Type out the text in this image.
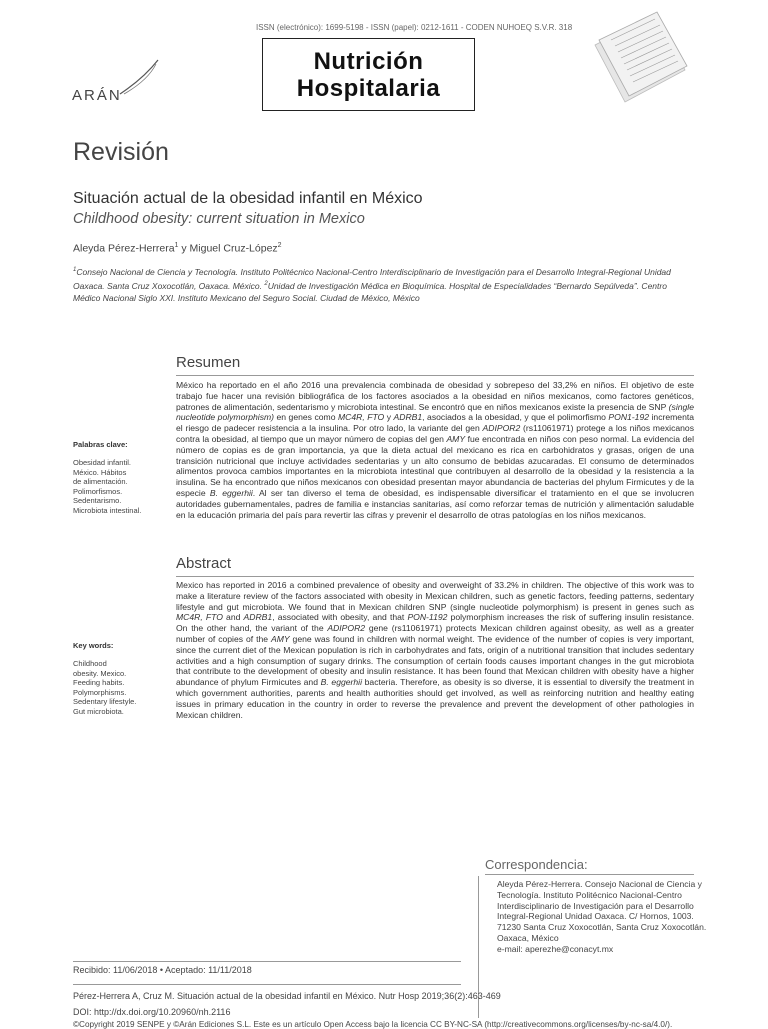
ISSN (electrónico): 1699-5198 - ISSN (papel): 0212-1611 - CODEN NUHOEQ S.V.R. 318
ARÁN
Nutrición
Hospitalaria
Revisión
Situación actual de la obesidad infantil en México
Childhood obesity: current situation in Mexico
Aleyda Pérez-Herrera$^1$ y Miguel Cruz-López$^2$
$^1$Consejo Nacional de Ciencia y Tecnología. Instituto Politécnico Nacional-Centro Interdisciplinario de Investigación para el Desarrollo Integral-Regional Unidad Oaxaca. Santa Cruz Xoxocotlán, Oaxaca. México. $^2$Unidad de Investigación Médica en Bioquímica. Hospital de Especialidades “Bernardo Sepúlveda”. Centro Médico Nacional Siglo XXI. Instituto Mexicano del Seguro Social. Ciudad de México, México
Resumen
Palabras clave:
Obesidad infantil.
México. Hábitos
de alimentación.
Polimorfismos.
Sedentarismo.
Microbiota intestinal.
México ha reportado en el año 2016 una prevalencia combinada de obesidad y sobrepeso del 33,2% en niños. El objetivo de este trabajo fue hacer una revisión bibliográfica de los factores asociados a la obesidad en niños mexicanos, como factores genéticos, patrones de alimentación, sedentarismo y microbiota intestinal. Se encontró que en niños mexicanos existe la presencia de SNP (single nucleotide polymorphism) en genes como MC4R, FTO y ADRB1, asociados a la obesidad, y que el polimorfismo PON1-192 incrementa el riesgo de padecer resistencia a la insulina. Por otro lado, la variante del gen ADIPOR2 (rs11061971) protege a los niños mexicanos contra la obesidad, al tiempo que un mayor número de copias del gen AMY fue encontrada en niños con peso normal. La evidencia del número de copias es de gran importancia, ya que la dieta actual del mexicano es rica en carbohidratos y grasas, origen de una transición nutricional que incluye actividades sedentarias y un alto consumo de bebidas azucaradas. El consumo de determinados alimentos provoca cambios importantes en la microbiota intestinal que contribuyen al desarrollo de la obesidad y la resistencia a la insulina. Se ha encontrado que niños mexicanos con obesidad presentan mayor abundancia de bacterias del phylum Firmicutes y de la especie B. eggerhii. Al ser tan diverso el tema de obesidad, es indispensable diversificar el tratamiento en el que se involucren autoridades gubernamentales, padres de familia e instancias sanitarias, así como reforzar temas de nutrición y alimentación saludable en la educación primaria del país para revertir las cifras y prevenir el desarrollo de otras patologías en los niños mexicanos.
Abstract
Key words:
Childhood
obesity. Mexico.
Feeding habits.
Polymorphisms.
Sedentary lifestyle.
Gut microbiota.
Mexico has reported in 2016 a combined prevalence of obesity and overweight of 33.2% in children. The objective of this work was to make a literature review of the factors associated with obesity in Mexican children, such as genetic factors, feeding patterns, sedentary lifestyle and gut microbiota. We found that in Mexican children SNP (single nucleotide polymorphism) is present in genes such as MC4R, FTO and ADRB1, associated with obesity, and that PON-1192 polymorphism increases the risk of suffering insulin resistance. On the other hand, the variant of the ADIPOR2 gene (rs11061971) protects Mexican children against obesity, as well as a greater number of copies of the AMY gene was found in children with normal weight. The evidence of the number of copies is very important, since the current diet of the Mexican population is rich in carbohydrates and fats, origin of a nutritional transition that includes sedentary activities and a high consumption of sugary drinks. The consumption of certain foods causes important changes in the gut microbiota that contribute to the development of obesity and insulin resistance. It has been found that Mexican children with obesity have a higher abundance of phylum Firmicutes and B. eggerhii bacteria. Therefore, as obesity is so diverse, it is essential to diversify the treatment in which government authorities, parents and health authorities should get involved, as well as reinforcing nutrition and healthy eating issues in primary education in the country in order to reverse the prevalence and prevent the development of other pathologies in Mexican children.
Correspondencia:
Aleyda Pérez-Herrera. Consejo Nacional de Ciencia y Tecnología. Instituto Politécnico Nacional-Centro Interdisciplinario de Investigación para el Desarrollo Integral-Regional Unidad Oaxaca. C/ Hornos, 1003. 71230 Santa Cruz Xoxocotlán, Santa Cruz Xoxocotlán. Oaxaca, México
e-mail: aperezhe@conacyt.mx
Recibido: 11/06/2018 • Aceptado: 11/11/2018
Pérez-Herrera A, Cruz M. Situación actual de la obesidad infantil en México. Nutr Hosp 2019;36(2):463-469
DOI: http://dx.doi.org/10.20960/nh.2116
©Copyright 2019 SENPE y ©Arán Ediciones S.L. Este es un artículo Open Access bajo la licencia CC BY-NC-SA (http://creativecommons.org/licenses/by-nc-sa/4.0/).
